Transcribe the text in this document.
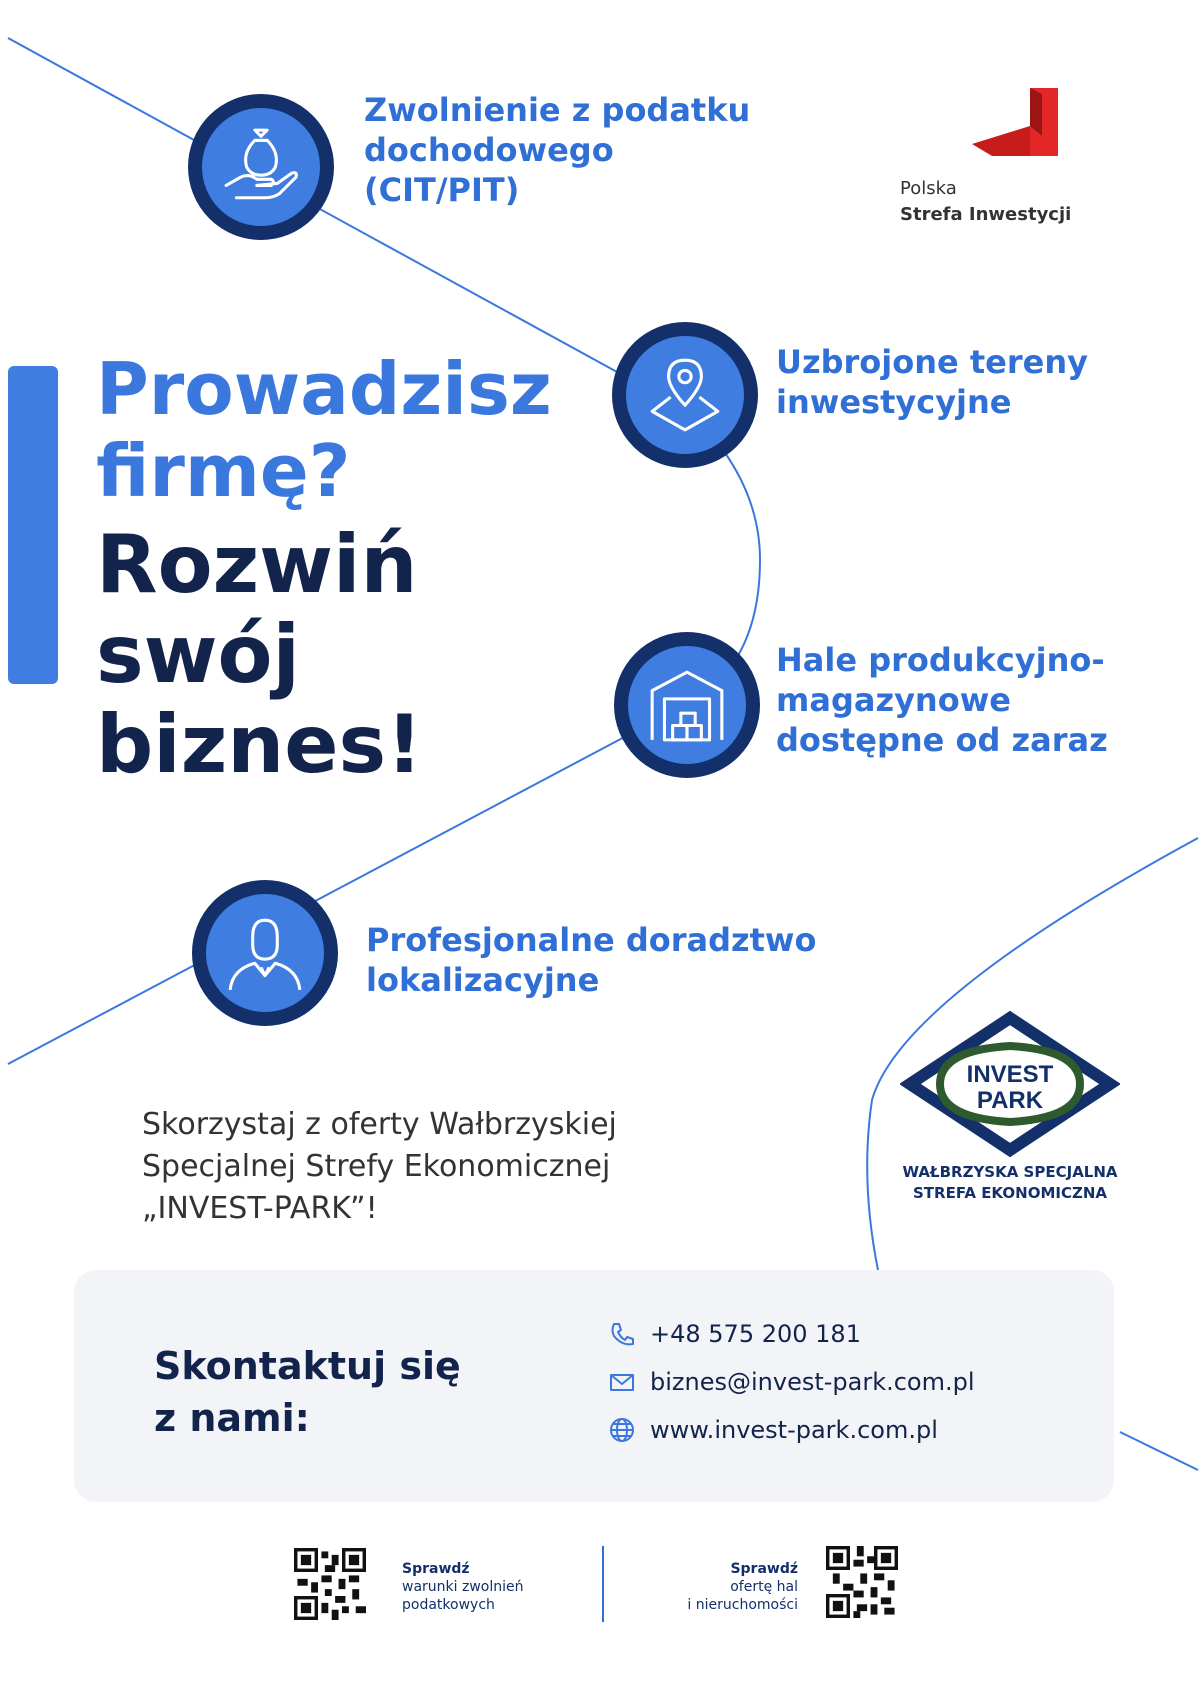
Polska
Strefa Inwestycji
Prowadzisz
firmę?
Rozwiń
swój
biznes!
Zwolnienie z podatku
dochodowego
(CIT/PIT)
Uzbrojone tereny
inwestycyjne
Hale produkcyjno-
magazynowe
dostępne od zaraz
Profesjonalne doradztwo
lokalizacyjne
Skorzystaj z oferty Wałbrzyskiej
Specjalnej Strefy Ekonomicznej
„INVEST-PARK”!
INVEST
PARK
WAŁBRZYSKA SPECJALNA
STREFA EKONOMICZNA
Skontaktuj się
z nami:
+48 575 200 181
biznes@invest-park.com.pl
www.invest-park.com.pl
Sprawdź
warunki zwolnień
podatkowych
Sprawdź
ofertę hal
i nieruchomości
